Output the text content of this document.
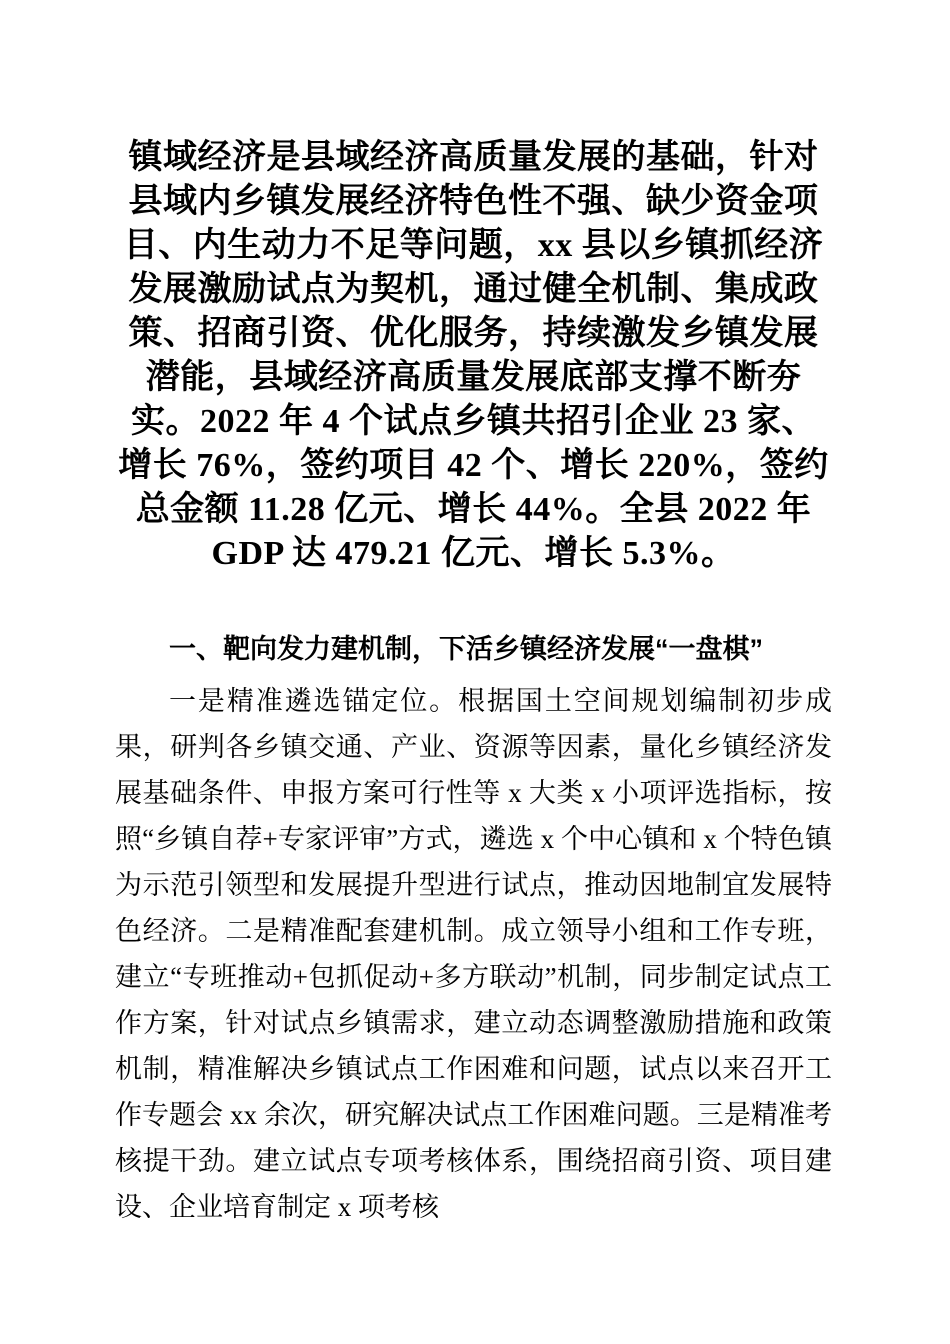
镇域经济是县域经济高质量发展的基础，针对县域内乡镇发展经济特色性不强、缺少资金项目、内生动力不足等问题，xx 县以乡镇抓经济发展激励试点为契机，通过健全机制、集成政策、招商引资、优化服务，持续激发乡镇发展潜能，县域经济高质量发展底部支撑不断夯实。2022 年 4 个试点乡镇共招引企业 23 家、增长 76%，签约项目 42 个、增长 220%，签约总金额 11.28 亿元、增长 44%。全县 2022 年 GDP 达 479.21 亿元、增长 5.3%。

一、靶向发力建机制，下活乡镇经济发展“一盘棋”

一是精准遴选锚定位。根据国土空间规划编制初步成果，研判各乡镇交通、产业、资源等因素，量化乡镇经济发展基础条件、申报方案可行性等 x 大类 x 小项评选指标，按照“乡镇自荐+专家评审”方式，遴选 x 个中心镇和 x 个特色镇为示范引领型和发展提升型进行试点，推动因地制宜发展特色经济。二是精准配套建机制。成立领导小组和工作专班，建立“专班推动+包抓促动+多方联动”机制，同步制定试点工作方案，针对试点乡镇需求，建立动态调整激励措施和政策机制，精准解决乡镇试点工作困难和问题，试点以来召开工作专题会 xx 余次，研究解决试点工作困难问题。三是精准考核提干劲。建立试点专项考核体系，围绕招商引资、项目建设、企业培育制定 x 项考核
